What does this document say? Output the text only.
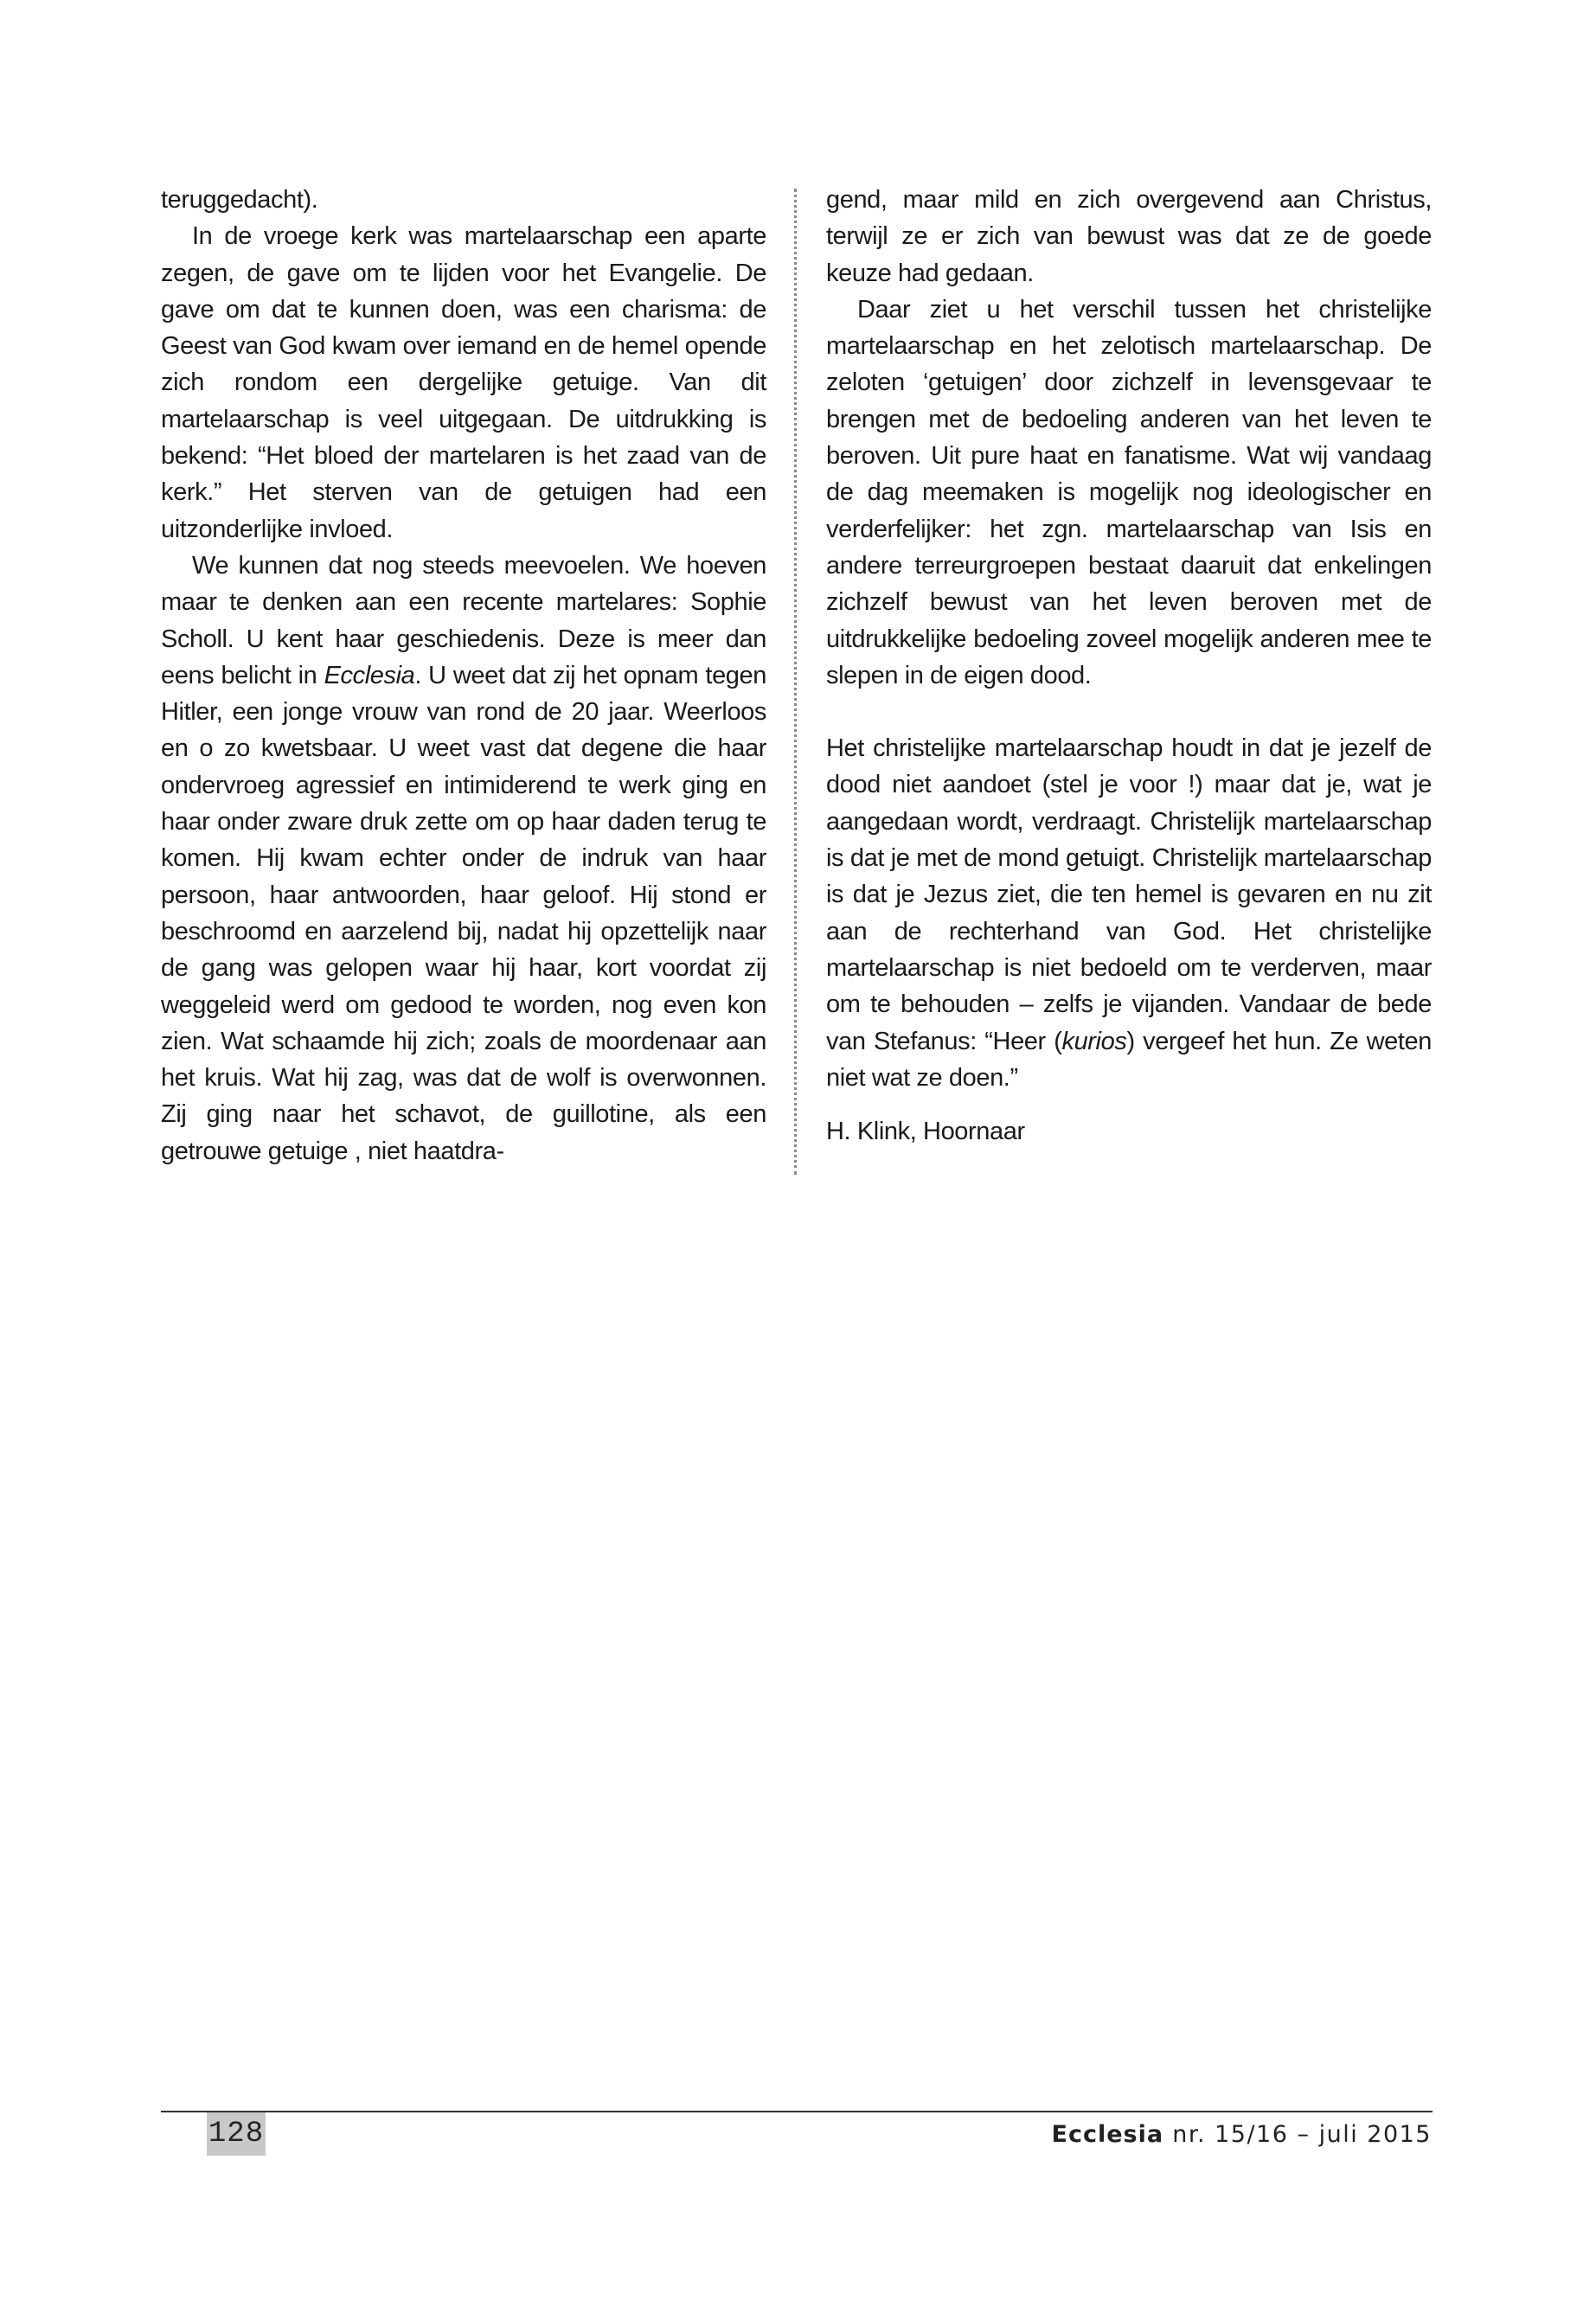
teruggedacht).

In de vroege kerk was martelaarschap een aparte zegen, de gave om te lijden voor het Evangelie. De gave om dat te kunnen doen, was een charisma: de Geest van God kwam over iemand en de hemel opende zich rondom een dergelijke getuige. Van dit martelaarschap is veel uitgegaan. De uitdrukking is bekend: “Het bloed der martelaren is het zaad van de kerk.” Het sterven van de getuigen had een uitzonderlijke invloed.

We kunnen dat nog steeds meevoelen. We hoeven maar te denken aan een recente martelares: Sophie Scholl. U kent haar geschiedenis. Deze is meer dan eens belicht in Ecclesia. U weet dat zij het opnam tegen Hitler, een jonge vrouw van rond de 20 jaar. Weerloos en o zo kwetsbaar. U weet vast dat degene die haar ondervroeg agressief en intimiderend te werk ging en haar onder zware druk zette om op haar daden terug te komen. Hij kwam echter onder de indruk van haar persoon, haar antwoorden, haar geloof. Hij stond er beschroomd en aarzelend bij, nadat hij opzettelijk naar de gang was gelopen waar hij haar, kort voordat zij weggeleid werd om gedood te worden, nog even kon zien. Wat schaamde hij zich; zoals de moordenaar aan het kruis. Wat hij zag, was dat de wolf is overwonnen. Zij ging naar het schavot, de guillotine, als een getrouwe getuige , niet haatdra-

gend, maar mild en zich overgevend aan Christus, terwijl ze er zich van bewust was dat ze de goede keuze had gedaan.

Daar ziet u het verschil tussen het christelijke martelaarschap en het zelotisch martelaarschap. De zeloten ‘getuigen’ door zichzelf in levensgevaar te brengen met de bedoeling anderen van het leven te beroven. Uit pure haat en fanatisme. Wat wij vandaag de dag meemaken is mogelijk nog ideologischer en verderfelijker: het zgn. martelaarschap van Isis en andere terreurgroepen bestaat daaruit dat enkelingen zichzelf bewust van het leven beroven met de uitdrukkelijke bedoeling zoveel mogelijk anderen mee te slepen in de eigen dood.

Het christelijke martelaarschap houdt in dat je jezelf de dood niet aandoet (stel je voor !) maar dat je, wat je aangedaan wordt, verdraagt. Christelijk martelaarschap is dat je met de mond getuigt. Christelijk martelaarschap is dat je Jezus ziet, die ten hemel is gevaren en nu zit aan de rechterhand van God. Het christelijke martelaarschap is niet bedoeld om te verderven, maar om te behouden – zelfs je vijanden. Vandaar de bede van Stefanus: “Heer (kurios) vergeef het hun. Ze weten niet wat ze doen.”

H. Klink, Hoornaar

128	Ecclesia nr. 15/16 – juli 2015
